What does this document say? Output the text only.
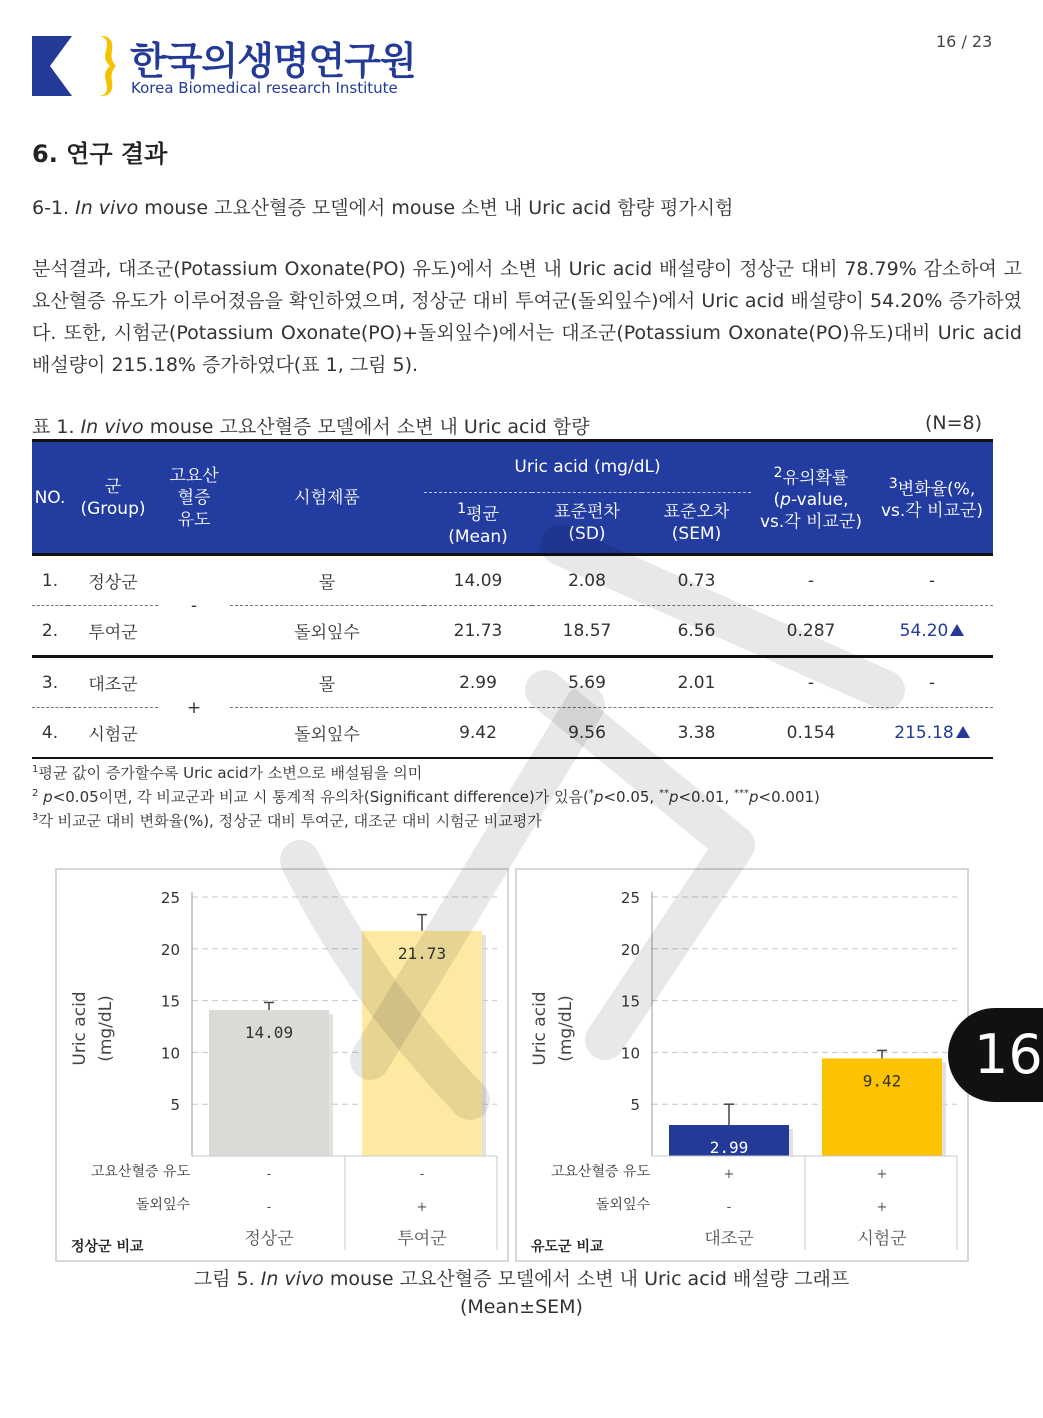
한국의생명연구원
Korea Biomedical research Institute
16 / 23
6. 연구 결과
6-1. In vivo mouse 고요산혈증 모델에서 mouse 소변 내 Uric acid 함량 평가시험
분석결과, 대조군(Potassium Oxonate(PO) 유도)에서 소변 내 Uric acid 배설량이 정상군 대비 78.79% 감소하여 고요산혈증 유도가 이루어졌음을 확인하였으며, 정상군 대비 투여군(돌외잎수)에서 Uric acid 배설량이 54.20% 증가하였다. 또한, 시험군(Potassium Oxonate(PO)+돌외잎수)에서는 대조군(Potassium Oxonate(PO)유도)대비 Uric acid 배설량이 215.18% 증가하였다(표 1, 그림 5).
표 1. In vivo mouse 고요산혈증 모델에서 소변 내 Uric acid 함량	(N=8)
NO.	군
(Group)	고요산
혈증
유도	시험제품	Uric acid (mg/dL)			$^2$유의확률
(p-value,
vs.각 비교군)	$^3$변화율(%,
vs.각 비교군)
				$^1$평균
(Mean)	표준편차
(SD)	표준오차
(SEM)		
1.	정상군	-	물	14.09	2.08	0.73	-	-
2.	투여군		돌외잎수	21.73	18.57	6.56	0.287	54.20
3.	대조군	+	물	2.99	5.69	2.01	-	-
4.	시험군		돌외잎수	9.42	9.56	3.38	0.154	215.18
$^1$평균 값이 증가할수록 Uric acid가 소변으로 배설됨을 의미
$^2$ p<0.05이면, 각 비교군과 비교 시 통계적 유의차(Significant difference)가 있음(*p<0.05, **p<0.01, ***p<0.001)
$^3$각 비교군 대비 변화율(%), 정상군 대비 투여군, 대조군 대비 시험군 비교평가
5
10
15
20
25
Uric acid (mg/dL)	14.09
21.73
고요산혈증 유도	-	-
돌외잎수	-	+
정상군 비교	정상군	투여군
5
10
15
20
25
Uric acid (mg/dL)
2.99
9.42
고요산혈증 유도	+	+
돌외잎수	-	+
유도군 비교	대조군	시험군
그림 5. In vivo mouse 고요산혈증 모델에서 소변 내 Uric acid 배설량 그래프
(Mean±SEM)
16
